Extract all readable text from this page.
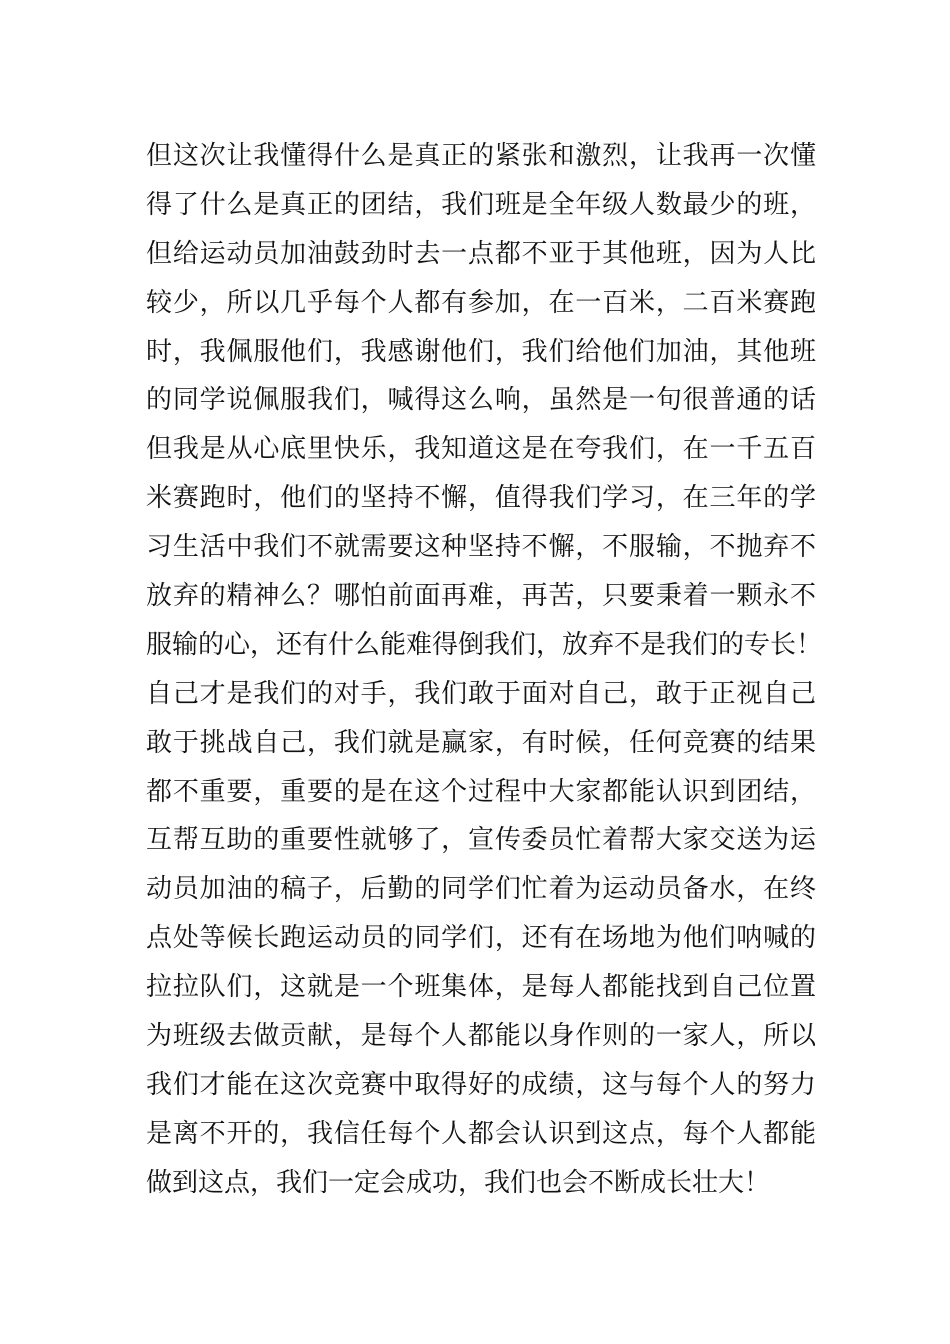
但这次让我懂得什么是真正的紧张和激烈，让我再一次懂
得了什么是真正的团结，我们班是全年级人数最少的班，
但给运动员加油鼓劲时去一点都不亚于其他班，因为人比
较少，所以几乎每个人都有参加，在一百米，二百米赛跑
时，我佩服他们，我感谢他们，我们给他们加油，其他班
的同学说佩服我们，喊得这么响，虽然是一句很普通的话
但我是从心底里快乐，我知道这是在夸我们，在一千五百
米赛跑时，他们的坚持不懈，值得我们学习，在三年的学
习生活中我们不就需要这种坚持不懈，不服输，不抛弃不
放弃的精神么？哪怕前面再难，再苦，只要秉着一颗永不
服输的心，还有什么能难得倒我们，放弃不是我们的专长！
自己才是我们的对手，我们敢于面对自己，敢于正视自己
敢于挑战自己，我们就是赢家，有时候，任何竞赛的结果
都不重要，重要的是在这个过程中大家都能认识到团结，
互帮互助的重要性就够了，宣传委员忙着帮大家交送为运
动员加油的稿子，后勤的同学们忙着为运动员备水，在终
点处等候长跑运动员的同学们，还有在场地为他们呐喊的
拉拉队们，这就是一个班集体，是每人都能找到自己位置
为班级去做贡献，是每个人都能以身作则的一家人，所以
我们才能在这次竞赛中取得好的成绩，这与每个人的努力
是离不开的，我信任每个人都会认识到这点，每个人都能
做到这点，我们一定会成功，我们也会不断成长壮大！
